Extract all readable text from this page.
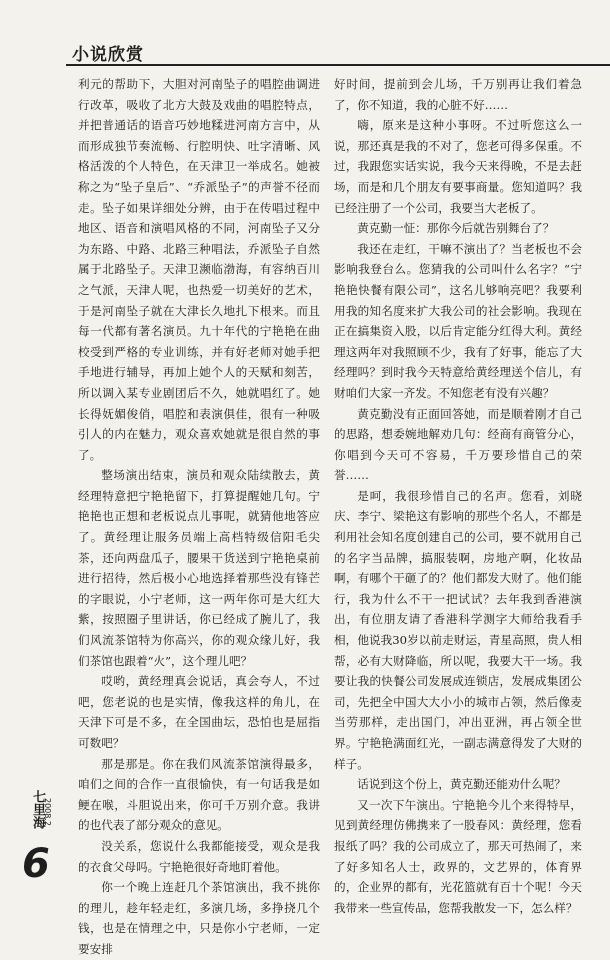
小说欣赏

利元的帮助下，大胆对河南坠子的唱腔曲调进行改革，吸收了北方大鼓及戏曲的唱腔特点，并把普通话的语音巧妙地糅进河南方言中，从而形成独节奏流畅、行腔明快、吐字清晰、风格活泼的个人特色，在天津卫一举成名。她被称之为“坠子皇后”、“乔派坠子”的声誉不径而走。坠子如果详细处分辨，由于在传唱过程中地区、语音和演唱风格的不同，河南坠子又分为东路、中路、北路三种唱法，乔派坠子自然属于北路坠子。天津卫濒临渤海，有容纳百川之气派，天津人呢，也热爱一切美好的艺术，于是河南坠子就在大津长久地扎下根来。而且每一代都有著名演员。九十年代的宁艳艳在曲校受到严格的专业训练，并有好老师对她手把手地进行辅导，再加上她个人的天赋和刻苦，所以调入某专业剧团后不久，她就唱红了。她长得妩媚俊俏，唱腔和表演俱佳，很有一种吸引人的内在魅力，观众喜欢她就是很自然的事了。

整场演出结束，演员和观众陆续散去，黄经理特意把宁艳艳留下，打算提醒她几句。宁艳艳也正想和老板说点儿事呢，就猜他地答应了。黄经理让服务员端上高档特级信阳毛尖茶，还向两盘瓜子，腰果干货送到宁艳艳桌前进行招待，然后极小心地选择着那些没有锋芒的字眼说，小宁老师，这一两年你可是大红大紫，按照圈子里讲话，你已经成了腕儿了，我们风流茶馆特为你高兴，你的观众缘儿好，我们茶馆也跟着“火”，这个理儿吧？

哎哟，黄经理真会说话，真会夸人，不过吧，您老说的也是实情，像我这样的角儿，在天津下可是不多，在全国曲坛，恐怕也是屈指可数吧？

那是那是。你在我们风流茶馆演得最多，咱们之间的合作一直很愉快，有一句话我是如鲠在喉，斗胆说出来，你可千万别介意。我讲的也代表了部分观众的意见。

没关系，您说什么我都能接受，观众是我的衣食父母吗。宁艳艳很好奇地盯着他。

你一个晚上连赶几个茶馆演出，我不挑你的理儿，趁年轻走红，多演几场，多挣挠几个钱，也是在情理之中，只是你小宁老师，一定要安排

好时间，提前到会儿场，千万别再让我们着急了，你不知道，我的心脏不好……

嗨，原来是这种小事呀。不过听您这么一说，那还真是我的不对了，您老可得多保重。不过，我跟您实话实说，我今天来得晚，不是去赶场，而是和几个朋友有要事商量。您知道吗？我已经注册了一个公司，我要当大老板了。

黄克勤一怔：那你今后就告别舞台了？

我还在走红，干嘛不演出了？当老板也不会影响我登台么。您猜我的公司叫什么名字？“宁艳艳快餐有限公司”，这名儿够响亮吧？我要利用我的知名度来扩大我公司的社会影响。我现在正在搞集资入股，以后肯定能分红得大利。黄经理这两年对我照顾不少，我有了好事，能忘了大经理吗？到时我今天特意给黄经理送个信儿，有财咱们大家一齐发。不知您老有没有兴趣？

黄克勤没有正面回答她，而是顺着刚才自己的思路，想委婉地解劝几句：经商有商管分心，你唱到今天可不容易，千万要珍惜自己的荣誉……

是呵，我很珍惜自己的名声。您看，刘晓庆、李宁、梁艳这有影响的那些个名人，不都是利用社会知名度创建自己的公司，要不就用自己的名字当品牌，搞服装啊，房地产啊，化妆品啊，有哪个干砸了的？他们都发大财了。他们能行，我为什么不干一把试试？去年我到香港演出，有位朋友请了香港科学测字大师给我看手相，他说我30岁以前走财运，青星高照，贵人相帮，必有大财降临，所以呢，我要大干一场。我要让我的快餐公司发展成连锁店，发展成集团公司，先把全中国大大小小的城市占领，然后像麦当劳那样，走出国门，冲出亚洲，再占领全世界。宁艳艳满面红光，一副志满意得发了大财的样子。

话说到这个份上，黄克勤还能劝什么呢？

又一次下午演出。宁艳艳今儿个来得特早，见到黄经理仿佛携来了一股春风：黄经理，您看报纸了吗？我的公司成立了，那天可热闹了，来了好多知名人士，政界的，文艺界的，体育界的，企业界的都有，光花篮就有百十个呢！今天我带来一些宣传品，您帮我散发一下，怎么样？

七里海
2008.2
6
